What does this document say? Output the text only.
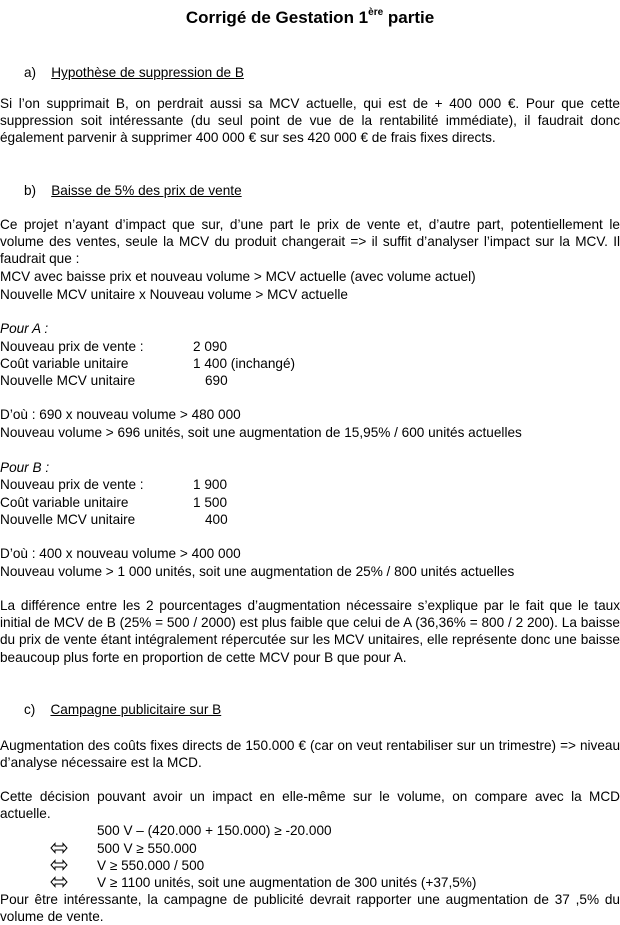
Corrigé de Gestation 1ère partie

a) Hypothèse de suppression de B

Si l’on supprimait B, on perdrait aussi sa MCV actuelle, qui est de + 400 000 €. Pour que cette suppression soit intéressante (du seul point de vue de la rentabilité immédiate), il faudrait donc également parvenir à supprimer 400 000 € sur ses 420 000 € de frais fixes directs.

b) Baisse de 5% des prix de vente

Ce projet n’ayant d’impact que sur, d’une part le prix de vente et, d’autre part, potentiellement le volume des ventes, seule la MCV du produit changerait => il suffit d’analyser l’impact sur la MCV. Il faudrait que :

MCV avec baisse prix et nouveau volume > MCV actuelle (avec volume actuel)

Nouvelle MCV unitaire x Nouveau volume > MCV actuelle

Pour A :

Nouveau prix de vente :	2 090
Coût variable unitaire	1 400 (inchangé)
Nouvelle MCV unitaire	690

D’où : 690 x nouveau volume > 480 000

Nouveau volume > 696 unités, soit une augmentation de 15,95% / 600 unités actuelles

Pour B :

Nouveau prix de vente :	1 900
Coût variable unitaire	1 500
Nouvelle MCV unitaire	400

D’où : 400 x nouveau volume > 400 000

Nouveau volume > 1 000 unités, soit une augmentation de 25% / 800 unités actuelles

La différence entre les 2 pourcentages d’augmentation nécessaire s’explique par le fait que le taux initial de MCV de B (25% = 500 / 2000) est plus faible que celui de A (36,36% = 800 / 2 200). La baisse du prix de vente étant intégralement répercutée sur les MCV unitaires, elle représente donc une baisse beaucoup plus forte en proportion de cette MCV pour B que pour A.

c) Campagne publicitaire sur B

Augmentation des coûts fixes directs de 150.000 € (car on veut rentabiliser sur un trimestre) => niveau d’analyse nécessaire est la MCD.

Cette décision pouvant avoir un impact en elle-même sur le volume, on compare avec la MCD actuelle.

500 V – (420.000 + 150.000) ≥ -20.000
500 V ≥ 550.000
V ≥ 550.000 / 500
V ≥ 1100 unités, soit une augmentation de 300 unités (+37,5%)

Pour être intéressante, la campagne de publicité devrait rapporter une augmentation de 37 ,5% du volume de vente.
